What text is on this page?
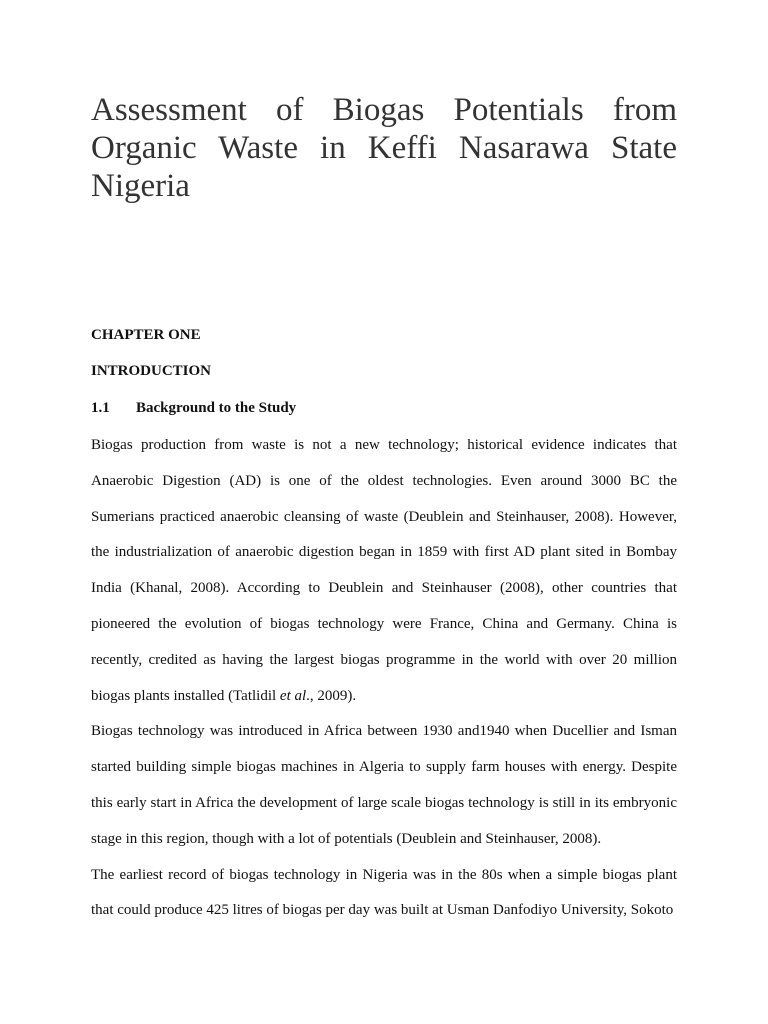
Assessment of Biogas Potentials from Organic Waste in Keffi Nasarawa State Nigeria
CHAPTER ONE
INTRODUCTION
1.1	Background to the Study

Biogas production from waste is not a new technology; historical evidence indicates that Anaerobic Digestion (AD) is one of the oldest technologies. Even around 3000 BC the Sumerians practiced anaerobic cleansing of waste (Deublein and Steinhauser, 2008). However, the industrialization of anaerobic digestion began in 1859 with first AD plant sited in Bombay India (Khanal, 2008). According to Deublein and Steinhauser (2008), other countries that pioneered the evolution of biogas technology were France, China and Germany. China is recently, credited as having the largest biogas programme in the world with over 20 million biogas plants installed (Tatlidil et al., 2009).

Biogas technology was introduced in Africa between 1930 and1940 when Ducellier and Isman started building simple biogas machines in Algeria to supply farm houses with energy. Despite this early start in Africa the development of large scale biogas technology is still in its embryonic stage in this region, though with a lot of potentials (Deublein and Steinhauser, 2008).

The earliest record of biogas technology in Nigeria was in the 80s when a simple biogas plant that could produce 425 litres of biogas per day was built at Usman Danfodiyo University, Sokoto
